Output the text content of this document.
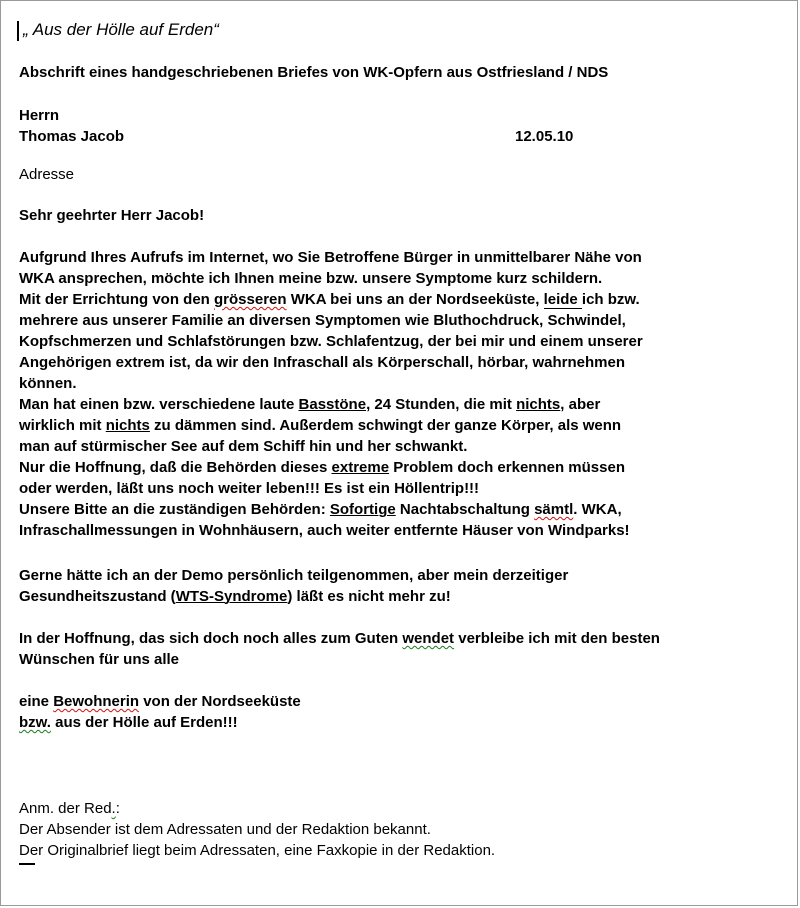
„ Aus der Hölle auf Erden“
Abschrift eines handgeschriebenen Briefes von WK-Opfern aus Ostfriesland / NDS
Herrn
Thomas Jacob	12.05.10
Adresse
Sehr geehrter Herr Jacob!
Aufgrund Ihres Aufrufs im Internet, wo Sie Betroffene Bürger in unmittelbarer Nähe von
WKA ansprechen, möchte ich Ihnen meine bzw. unsere Symptome kurz schildern.
Mit der Errichtung von den grösseren WKA bei uns an der Nordseeküste, leide ich bzw.
mehrere aus unserer Familie an diversen Symptomen wie Bluthochdruck, Schwindel,
Kopfschmerzen und Schlafstörungen bzw. Schlafentzug, der bei mir und einem unserer
Angehörigen extrem ist, da wir den Infraschall als Körperschall, hörbar, wahrnehmen
können.
Man hat einen bzw. verschiedene laute Basstöne, 24 Stunden, die mit nichts, aber
wirklich mit nichts zu dämmen sind. Außerdem schwingt der ganze Körper, als wenn
man auf stürmischer See auf dem Schiff hin und her schwankt.
Nur die Hoffnung, daß die Behörden dieses extreme Problem doch erkennen müssen
oder werden, läßt uns noch weiter leben!!! Es ist ein Höllentrip!!!
Unsere Bitte an die zuständigen Behörden: Sofortige Nachtabschaltung sämtl. WKA,
Infraschallmessungen in Wohnhäusern, auch weiter entfernte Häuser von Windparks!
Gerne hätte ich an der Demo persönlich teilgenommen, aber mein derzeitiger
Gesundheitszustand (WTS-Syndrome) läßt es nicht mehr zu!
In der Hoffnung, das sich doch noch alles zum Guten wendet verbleibe ich mit den besten
Wünschen für uns alle
eine Bewohnerin von der Nordseeküste
bzw. aus der Hölle auf Erden!!!
Anm. der Red.:
Der Absender ist dem Adressaten und der Redaktion bekannt.
Der Originalbrief liegt beim Adressaten, eine Faxkopie in der Redaktion.
